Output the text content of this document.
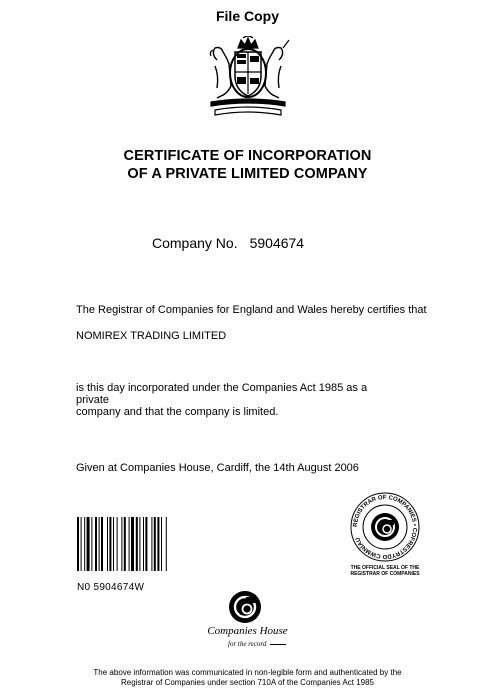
File Copy
CERTIFICATE OF INCORPORATION
OF A PRIVATE LIMITED COMPANY
Company No. 5904674
The Registrar of Companies for England and Wales hereby certifies that
NOMIREX TRADING LIMITED
is this day incorporated under the Companies Act 1985 as a private
company and that the company is limited.
Given at Companies House, Cardiff, the 14th August 2006
N0 5904674W
REGISTRAR OF COMPANIES • COFRESTRYDD CWMNÏAU
THE OFFICIAL SEAL OF THE
REGISTRAR OF COMPANIES
Companies House
for the record
The above information was communicated in non-legible form and authenticated by the
Registrar of Companies under section 710A of the Companies Act 1985
